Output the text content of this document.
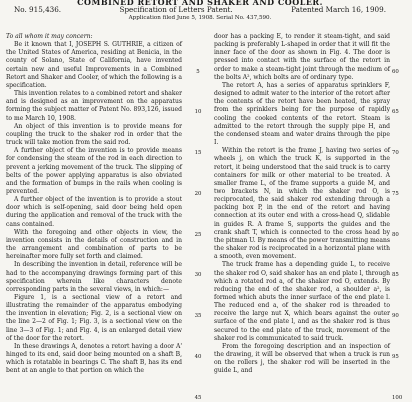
COMBINED RETORT AND SHAKER AND COOLER.
No. 915,436.	Specification of Letters Patent.	Patented March 16, 1909.
Application filed June 5, 1908. Serial No. 437,590.

To all whom it may concern:

Be it known that I, JOSEPH S. GUTHRIE, a citizen of the United States of America, residing at Benicia, in the county of Solano, State of California, have invented certain new and useful Improvements in a Combined Retort and Shaker and Cooler, of which the following is a specification.

This invention relates to a combined retort and shaker and is designed as an improvement on the apparatus forming the subject matter of Patent No. 893,126, issued to me March 10, 1908.

An object of this invention is to provide means for coupling the truck to the shaker rod in order that the truck will take motion from the said rod.

A further object of the invention is to provide means for condensing the steam of the rod in each direction to prevent a jerking movement of the truck. The slipping of belts of the power applying apparatus is also obviated and the formation of bumps in the rails when cooling is prevented.

A further object of the invention is to provide a stout door which is self-opening, said door being held open during the application and removal of the truck with the cans contained.

With the foregoing and other objects in view, the invention consists in the details of construction and in the arrangement and combination of parts to be hereinafter more fully set forth and claimed.

In describing the invention in detail, reference will be had to the accompanying drawings forming part of this specification wherein like characters denote corresponding parts in the several views, in which:—

Figure 1, is a sectional view of a retort and illustrating the remainder of the apparatus embodying the invention in elevation; Fig. 2, is a sectional view on the line 2—2 of Fig. 1; Fig. 3, is a sectional view on the line 3—3 of Fig. 1; and Fig. 4, is an enlarged detail view of the door for the retort.

In these drawings A, denotes a retort having a door A' hinged to its end, said door being mounted on a shaft B, which is rotatable in bearings C. The shaft B, has its end bent at an angle to that portion on which the

5
10
15
20
25
30
35
40
45

door has a packing E, to render it steam-tight, and said packing is preferably L-shaped in order that it will fit the inner face of the door as shown in Fig. 4. The door is pressed into contact with the surface of the retort in order to make a steam-tight joint through the medium of the bolts A², which bolts are of ordinary type.

The retort A, has a series of apparatus sprinklers F, designed to admit water to the interior of the retort after the contents of the retort have been heated, the spray from the sprinklers being for the purpose of rapidly cooling the cooked contents of the retort. Steam is admitted to the retort through the supply pipe H, and the condensed steam and water drains through the pipe I.

Within the retort is the frame J, having two series of wheels j, on which the truck K, is supported in the retort, it being understood that the said truck is to carry containers for milk or other material to be treated. A smaller frame L, of the frame supports a guide M, and two brackets N, in which the shaker rod O, is reciprocated, the said shaker rod extending through a packing box P, in the end of the retort and having connection at its outer end with a cross-head Q, slidable in guides R. A frame S, supports the guides and the crank shaft T, which is connected to the cross head by the pitman U. By means of the power transmitting means the shaker rod is reciprocated in a horizontal plane with a smooth, even movement.

The truck frame has a depending guide L, to receive the shaker rod O, said shaker has an end plate l, through which a rotated rod a, of the shaker rod O, extends. By reducing the end of the shaker rod, a shoulder a², is formed which abuts the inner surface of the end plate l. The reduced end a, of the shaker rod is threaded to receive the large nut X, which bears against the outer surface of the end plate l, and as the shaker rod is thus secured to the end plate of the truck, movement of the shaker rod is communicated to said truck.

From the foregoing description and an inspection of the drawing, it will be observed that when a truck is run on the rollers j, the shaker rod will be inserted in the guide L, and

60
65
70
75
80
85
90
95
100
